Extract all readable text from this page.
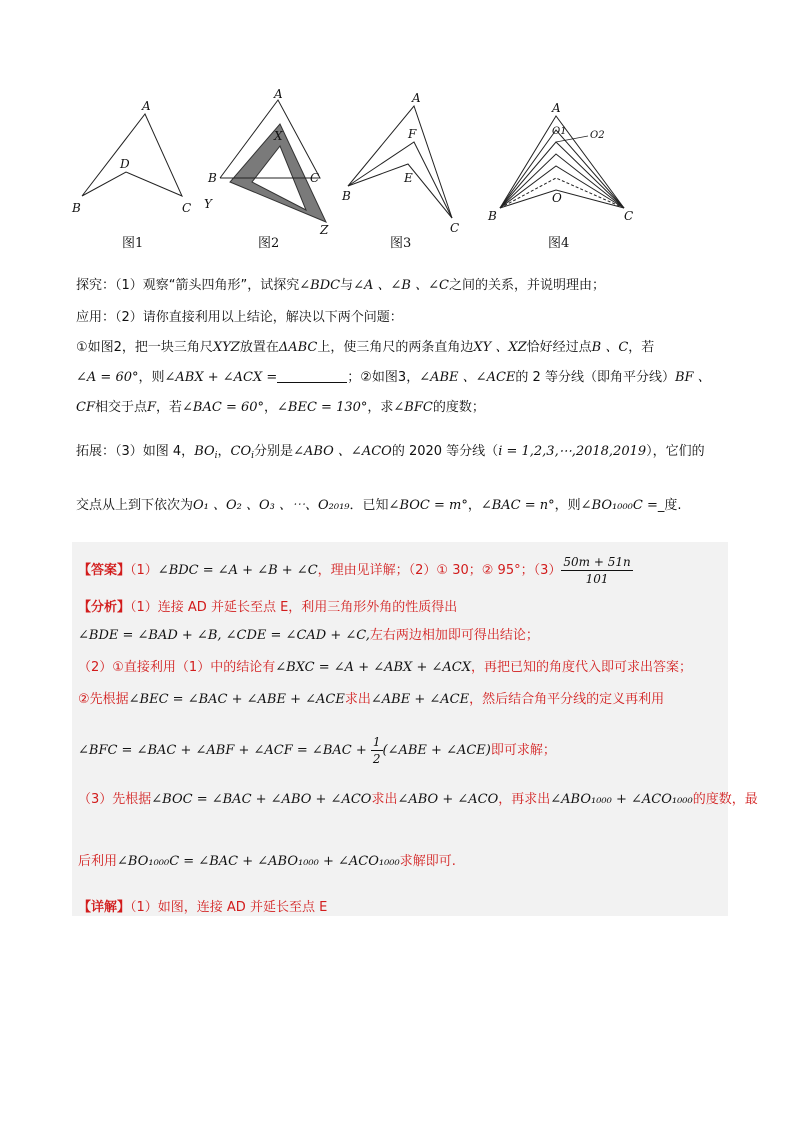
A
D
B	C
图1
A
X
B	C
Y
Z
图2
A
F
E
B
C
图3
A
O1 O2
O
B	C
图4
探究：（1）观察“箭头四角形”，试探究∠BDC与∠A 、∠B 、∠C之间的关系，并说明理由；
应用：（2）请你直接利用以上结论，解决以下两个问题：
①如图2，把一块三角尺XYZ放置在ΔABC上，使三角尺的两条直角边XY 、XZ恰好经过点B 、C，若
∠A = 60°，则∠ABX + ∠ACX =	；②如图3，∠ABE 、∠ACE的 2 等分线（即角平分线）BF 、
CF相交于点F，若∠BAC = 60°，∠BEC = 130°，求∠BFC的度数；
拓展：（3）如图 4，$BO_i$，$CO_i$分别是∠ABO 、∠ACO的 2020 等分线（i = 1,2,3,⋯,2018,2019），它们的
交点从上到下依次为O₁ 、O₂ 、O₃ 、⋯、O₂₀₁₉．已知∠BOC = m°，∠BAC = n°，则∠BO₁₀₀₀C =_度.
【答案】（1）∠BDC = ∠A + ∠B + ∠C，理由见详解；（2）① 30；② 95°；$(3) \frac{50m + 51n}{101}$
【分析】（1）连接 AD 并延长至点 E，利用三角形外角的性质得出
∠BDE = ∠BAD + ∠B, ∠CDE = ∠CAD + ∠C,左右两边相加即可得出结论；
（2）①直接利用（1）中的结论有∠BXC = ∠A + ∠ABX + ∠ACX，再把已知的角度代入即可求出答案；
②先根据∠BEC = ∠BAC + ∠ABE + ∠ACE求出∠ABE + ∠ACE，然后结合角平分线的定义再利用
∠BFC = ∠BAC + ∠ABF + ∠ACF = ∠BAC + $\frac{1}{2}$ (∠ABE + ∠ACE)即可求解；
（3）先根据∠BOC = ∠BAC + ∠ABO + ∠ACO求出∠ABO + ∠ACO，再求出∠ABO₁₀₀₀ + ∠ACO₁₀₀₀的度数，最
后利用∠BO₁₀₀₀C = ∠BAC + ∠ABO₁₀₀₀ + ∠ACO₁₀₀₀求解即可.
【详解】（1）如图，连接 AD 并延长至点 E
